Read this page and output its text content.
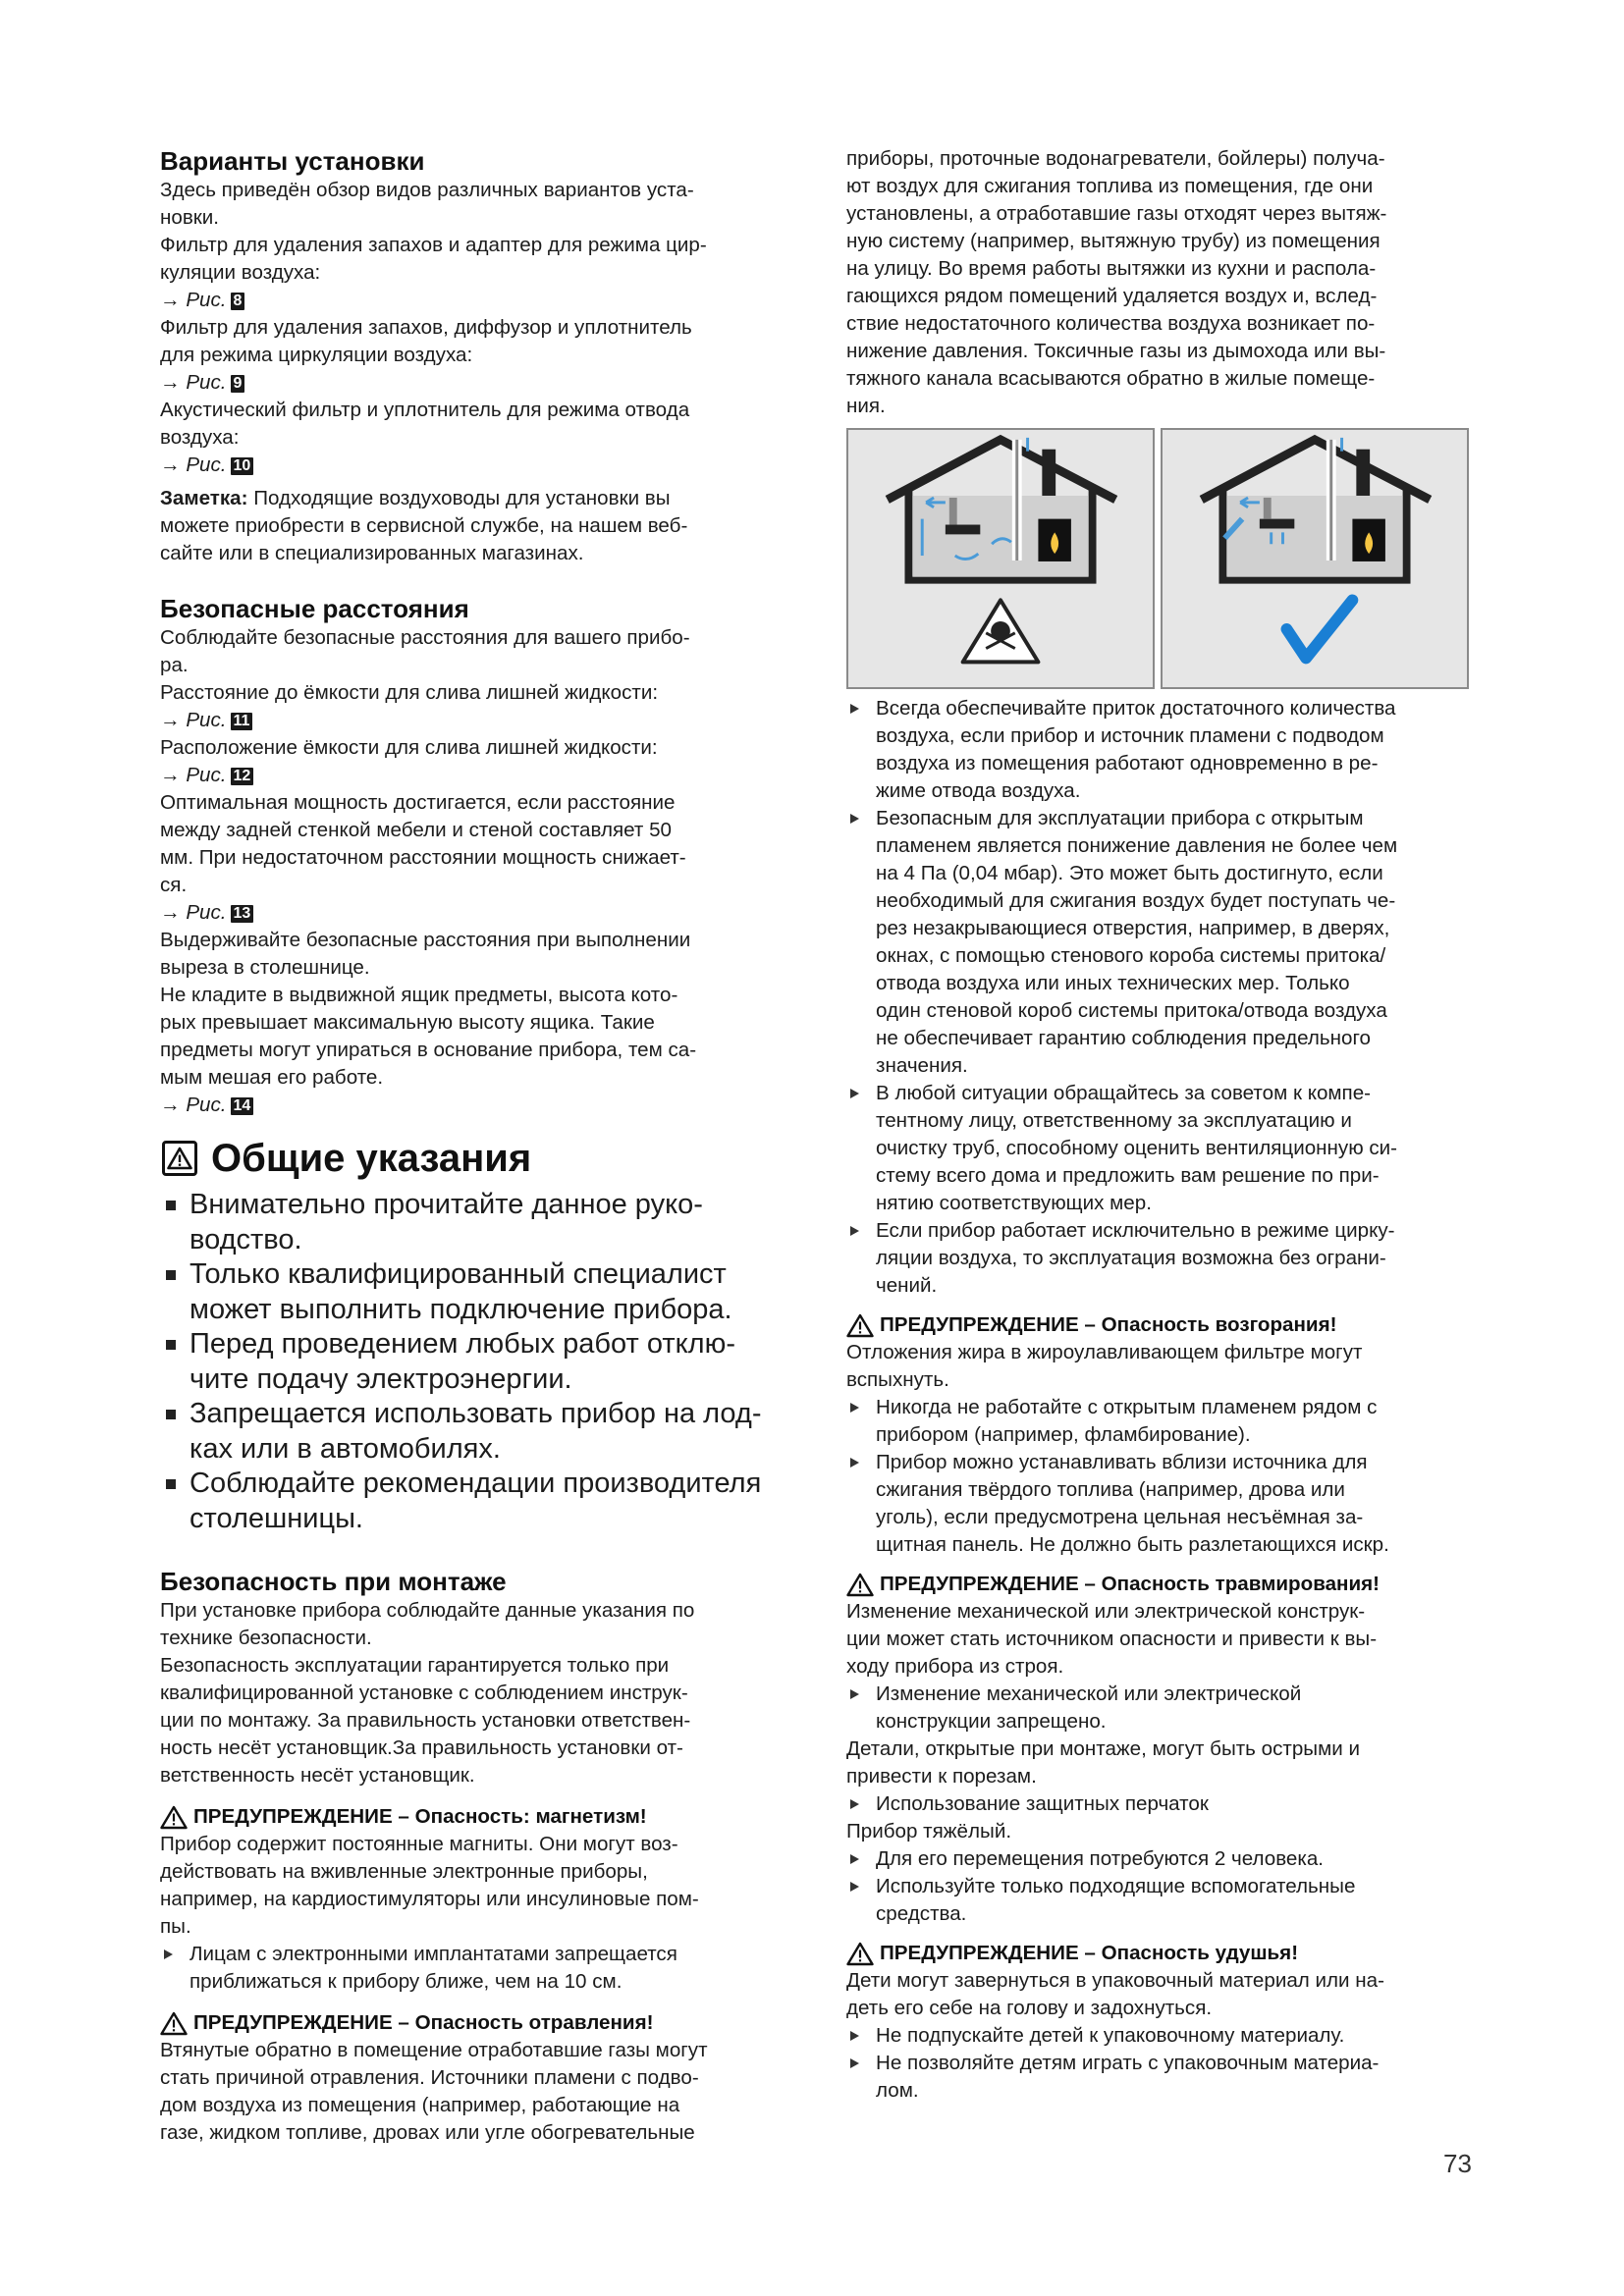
Варианты установки

Здесь приведён обзор видов различных вариантов уста-
новки.
Фильтр для удаления запахов и адаптер для режима цир-
куляции воздуха:

→ Рис. 8

Фильтр для удаления запахов, диффузор и уплотнитель
для режима циркуляции воздуха:

→ Рис. 9

Акустический фильтр и уплотнитель для режима отвода
воздуха:

→ Рис. 10

Заметка: Подходящие воздуховоды для установки вы
можете приобрести в сервисной службе, на нашем веб-
сайте или в специализированных магазинах.

Безопасные расстояния

Соблюдайте безопасные расстояния для вашего прибо-
ра.
Расстояние до ёмкости для слива лишней жидкости:

→ Рис. 11

Расположение ёмкости для слива лишней жидкости:

→ Рис. 12

Оптимальная мощность достигается, если расстояние
между задней стенкой мебели и стеной составляет 50
мм. При недостаточном расстоянии мощность снижает-
ся.

→ Рис. 13

Выдерживайте безопасные расстояния при выполнении
выреза в столешнице.
Не кладите в выдвижной ящик предметы, высота кото-
рых превышает максимальную высоту ящика. Такие
предметы могут упираться в основание прибора, тем са-
мым мешая его работе.

→ Рис. 14

Общие указания
Внимательно прочитайте данное руко-
водство.
Только квалифицированный специалист
может выполнить подключение прибора.
Перед проведением любых работ отклю-
чите подачу электроэнергии.
Запрещается использовать прибор на лод-
ках или в автомобилях.
Соблюдайте рекомендации производителя
столешницы.
Безопасность при монтаже

При установке прибора соблюдайте данные указания по
технике безопасности.
Безопасность эксплуатации гарантируется только при
квалифицированной установке с соблюдением инструк-
ции по монтажу. За правильность установки ответствен-
ность несёт установщик.За правильность установки от-
ветственность несёт установщик.

ПРЕДУПРЕЖДЕНИЕ – Опасность: магнетизм!

Прибор содержит постоянные магниты. Они могут воз-
действовать на вживленные электронные приборы,
например, на кардиостимуляторы или инсулиновые пом-
пы.

Лицам с электронными имплантатами запрещается
приближаться к прибору ближе, чем на 10 см.

ПРЕДУПРЕЖДЕНИЕ – Опасность отравления!

Втянутые обратно в помещение отработавшие газы могут
стать причиной отравления. Источники пламени с подво-
дом воздуха из помещения (например, работающие на
газе, жидком топливе, дровах или угле обогревательные

приборы, проточные водонагреватели, бойлеры) получа-
ют воздух для сжигания топлива из помещения, где они
установлены, а отработавшие газы отходят через вытяж-
ную систему (например, вытяжную трубу) из помещения
на улицу. Во время работы вытяжки из кухни и распола-
гающихся рядом помещений удаляется воздух и, вслед-
ствие недостаточного количества воздуха возникает по-
нижение давления. Токсичные газы из дымохода или вы-
тяжного канала всасываются обратно в жилые помеще-
ния.

Всегда обеспечивайте приток достаточного количества
воздуха, если прибор и источник пламени с подводом
воздуха из помещения работают одновременно в ре-
жиме отвода воздуха.
Безопасным для эксплуатации прибора с открытым
пламенем является понижение давления не более чем
на 4 Па (0,04 мбар). Это может быть достигнуто, если
необходимый для сжигания воздух будет поступать че-
рез незакрывающиеся отверстия, например, в дверях,
окнах, с помощью стенового короба системы притока/
отвода воздуха или иных технических мер. Только
один стеновой короб системы притока/отвода воздуха
не обеспечивает гарантию соблюдения предельного
значения.
В любой ситуации обращайтесь за советом к компе-
тентному лицу, ответственному за эксплуатацию и
очистку труб, способному оценить вентиляционную си-
стему всего дома и предложить вам решение по при-
нятию соответствующих мер.
Если прибор работает исключительно в режиме цирку-
ляции воздуха, то эксплуатация возможна без ограни-
чений.

ПРЕДУПРЕЖДЕНИЕ – Опасность возгорания!

Отложения жира в жироулавливающем фильтре могут
вспыхнуть.

Никогда не работайте с открытым пламенем рядом с
прибором (например, фламбирование).
Прибор можно устанавливать вблизи источника для
сжигания твёрдого топлива (например, дрова или
уголь), если предусмотрена цельная несъёмная за-
щитная панель. Не должно быть разлетающихся искр.

ПРЕДУПРЕЖДЕНИЕ – Опасность травмирования!

Изменение механической или электрической конструк-
ции может стать источником опасности и привести к вы-
ходу прибора из строя.

Изменение механической или электрической
конструкции запрещено.

Детали, открытые при монтаже, могут быть острыми и
привести к порезам.

Использование защитных перчаток

Прибор тяжёлый.

Для его перемещения потребуются 2 человека.
Используйте только подходящие вспомогательные
средства.

ПРЕДУПРЕЖДЕНИЕ – Опасность удушья!

Дети могут завернуться в упаковочный материал или на-
деть его себе на голову и задохнуться.

Не подпускайте детей к упаковочному материалу.
Не позволяйте детям играть с упаковочным материа-
лом.
73
